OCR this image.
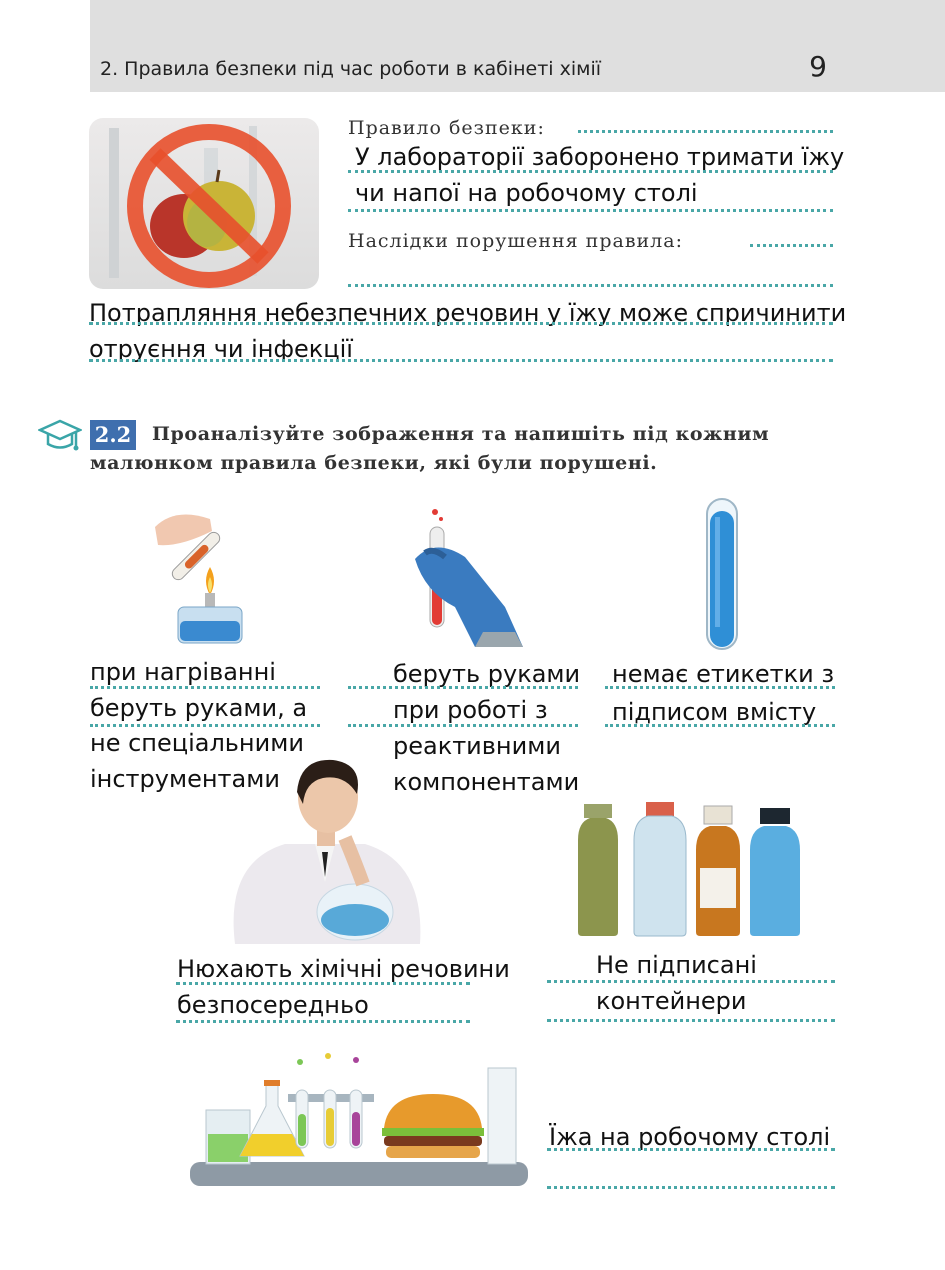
2. Правила безпеки під час роботи в кабінеті хімії	9
Правило безпеки:
У лабораторії заборонено тримати їжу
чи напої на робочому столі
Наслідки порушення правила:
Потрапляння небезпечних речовин у їжу може спричинити
отруєння чи інфекції
2.2 Проаналізуйте зображення та напишіть під кожним
малюнком правила безпеки, які були порушені.
при нагріванні
беруть руками, а
не спеціальними
інструментами
беруть руками
при роботі з
реактивними
компонентами
немає етикетки з
підписом вмісту
Нюхають хімічні речовини
безпосередньо
Не підписані
контейнери
Їжа на робочому столі
